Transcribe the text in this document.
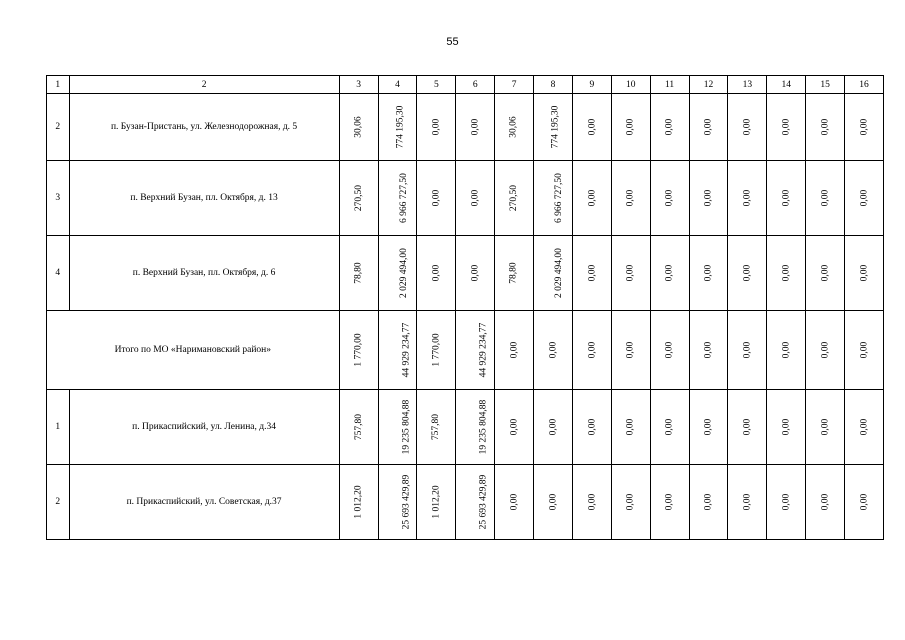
55
1	2	3	4	5	6	7	8	9	10	11	12	13	14	15	16
2	п. Бузан-Пристань, ул. Железнодорожная, д. 5	30,06	774 195,30	0,00	0,00	30,06	774 195,30	0,00	0,00	0,00	0,00	0,00	0,00	0,00	0,00
3	п. Верхний Бузан, пл. Октября, д. 13	270,50	6 966 727,50	0,00	0,00	270,50	6 966 727,50	0,00	0,00	0,00	0,00	0,00	0,00	0,00	0,00
4	п. Верхний Бузан, пл. Октября, д. 6	78,80	2 029 494,00	0,00	0,00	78,80	2 029 494,00	0,00	0,00	0,00	0,00	0,00	0,00	0,00	0,00
Итого по МО «Наримановский район»		1 770,00	44 929 234,77	1 770,00	44 929 234,77	0,00	0,00	0,00	0,00	0,00	0,00	0,00	0,00	0,00	0,00
1	п. Прикаспийский, ул. Ленина, д.34	757,80	19 235 804,88	757,80	19 235 804,88	0,00	0,00	0,00	0,00	0,00	0,00	0,00	0,00	0,00	0,00
2	п. Прикаспийский, ул. Советская, д.37	1 012,20	25 693 429,89	1 012,20	25 693 429,89	0,00	0,00	0,00	0,00	0,00	0,00	0,00	0,00	0,00	0,00
